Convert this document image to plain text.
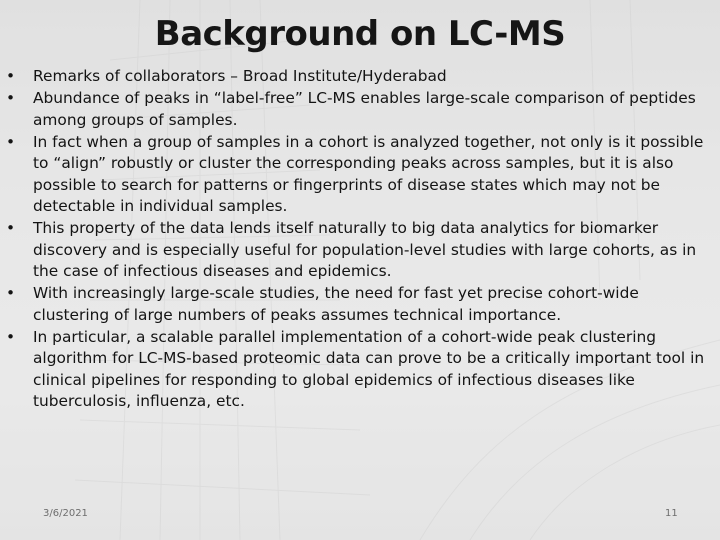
Background on LC-MS
• Remarks of collaborators – Broad Institute/Hyderabad
• Abundance of peaks in “label-free” LC-MS enables large-scale comparison of peptides among groups of samples.
• In fact when a group of samples in a cohort is analyzed together, not only is it possible to “align” robustly or cluster the corresponding peaks across samples, but it is also possible to search for patterns or fingerprints of disease states which may not be detectable in individual samples.
• This property of the data lends itself naturally to big data analytics for biomarker discovery and is especially useful for population-level studies with large cohorts, as in the case of infectious diseases and epidemics.
• With increasingly large-scale studies, the need for fast yet precise cohort-wide clustering of large numbers of peaks assumes technical importance.
• In particular, a scalable parallel implementation of a cohort-wide peak clustering algorithm for LC-MS-based proteomic data can prove to be a critically important tool in clinical pipelines for responding to global epidemics of infectious diseases like tuberculosis, influenza, etc.
3/6/2021	11
